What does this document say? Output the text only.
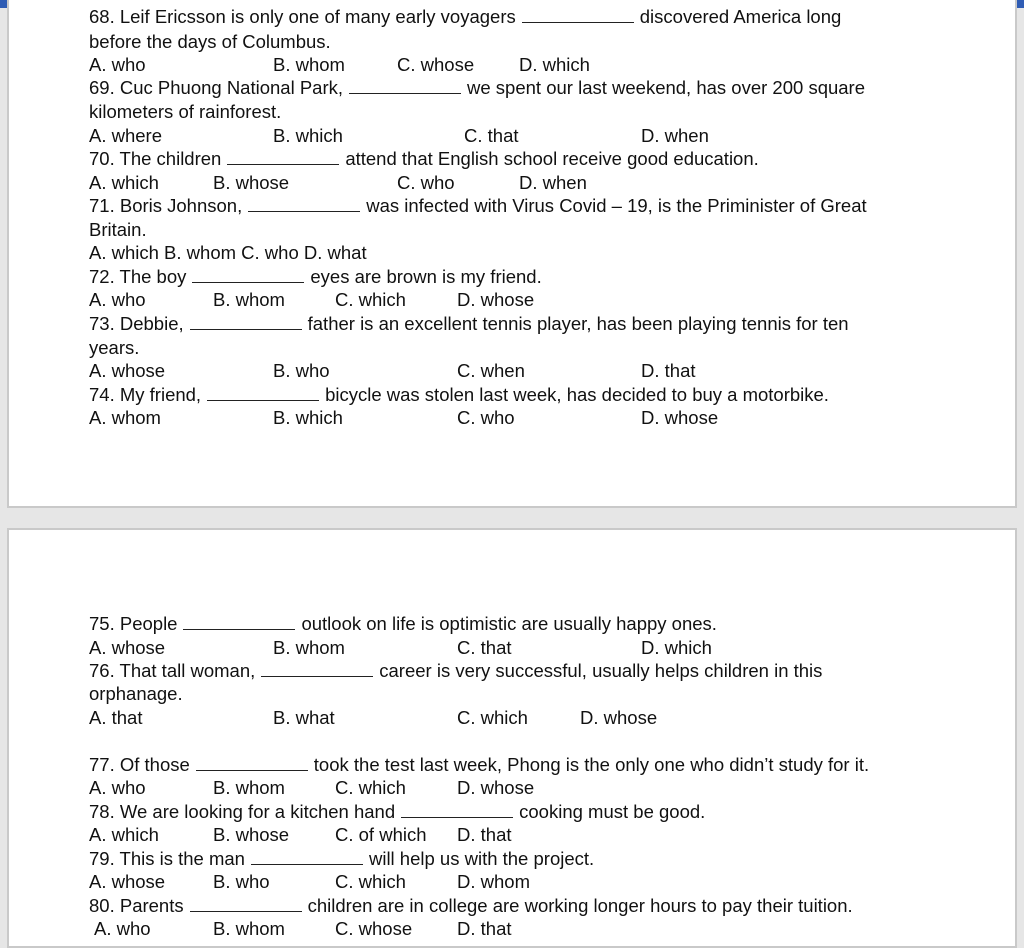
68. Leif Ericsson is only one of many early voyagers	discovered America long
before the days of Columbus.
A. who	B. whom	C. whose D. which
69. Cuc Phuong National Park,	we spent our last weekend, has over 200 square
kilometers of rainforest.
A. where	B. which	C. that	D. when
70. The children	attend that English school receive good education.
A. which	B. whose	C. who	D. when
71. Boris Johnson,	was infected with Virus Covid – 19, is the Priminister of Great
Britain.
A. which B. whom C. who D. what
72. The boy	eyes are brown is my friend.
A. who	B. whom	C. which	D. whose
73. Debbie,	father is an excellent tennis player, has been playing tennis for ten
years.
A. whose	B. who	C. when	D. that
74. My friend,	bicycle was stolen last week, has decided to buy a motorbike.
A. whom	B. which	C. who	D. whose
75. People	outlook on life is optimistic are usually happy ones.
A. whose	B. whom	C. that	D. which
76. That tall woman,	career is very successful, usually helps children in this
orphanage.
A. that	B. what	C. which	D. whose
77. Of those	took the test last week, Phong is the only one who didn’t study for it.
A. who	B. whom	C. which	D. whose
78. We are looking for a kitchen hand	cooking must be good.
A. which	B. whose C. of which D. that
79. This is the man	will help us with the project.
A. whose	B. who	C. which	D. whom
80. Parents	children are in college are working longer hours to pay their tuition.
A. who	B. whom	C. whose D. that
